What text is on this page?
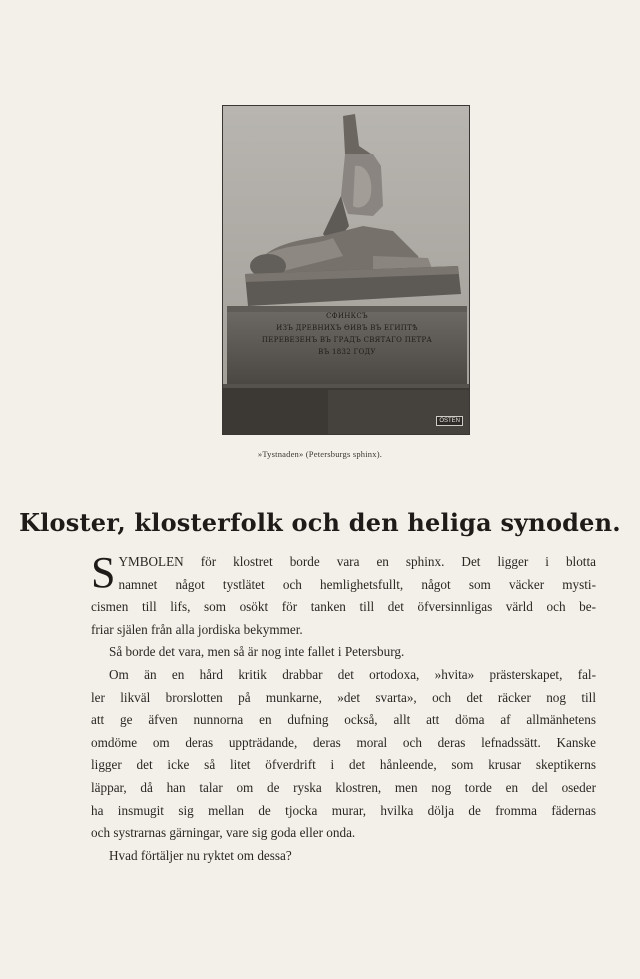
СФИНКСЪ
ИЗЪ ДРЕВНИХЪ ѲИВЪ ВЪ ЕГИПТѢ
ПЕРЕВЕЗЕНЪ ВЪ ГРАДЪ СВЯТАГО ПЕТРА
ВЪ 1832 ГОДУ
ÖSTEN
»Tystnaden» (Petersburgs sphinx).
Kloster, klosterfolk och den heliga synoden.
S YMBOLEN för klostret borde vara en sphinx. Det ligger i blotta
namnet något tystlätet och hemlighetsfullt, något som väcker mysti-
cismen till lifs, som osökt för tanken till det öfversinnligas värld och be-
friar själen från alla jordiska bekymmer.
Så borde det vara, men så är nog inte fallet i Petersburg.
Om än en hård kritik drabbar det ortodoxa, »hvita» prästerskapet, fal-
ler likväl brorslotten på munkarne, »det svarta», och det räcker nog till
att ge äfven nunnorna en dufning också, allt att döma af allmänhetens
omdöme om deras uppträdande, deras moral och deras lefnadssätt. Kanske
ligger det icke så litet öfverdrift i det hånleende, som krusar skeptikerns
läppar, då han talar om de ryska klostren, men nog torde en del oseder
ha insmugit sig mellan de tjocka murar, hvilka dölja de fromma fädernas
och systrarnas gärningar, vare sig goda eller onda.
Hvad förtäljer nu ryktet om dessa?
